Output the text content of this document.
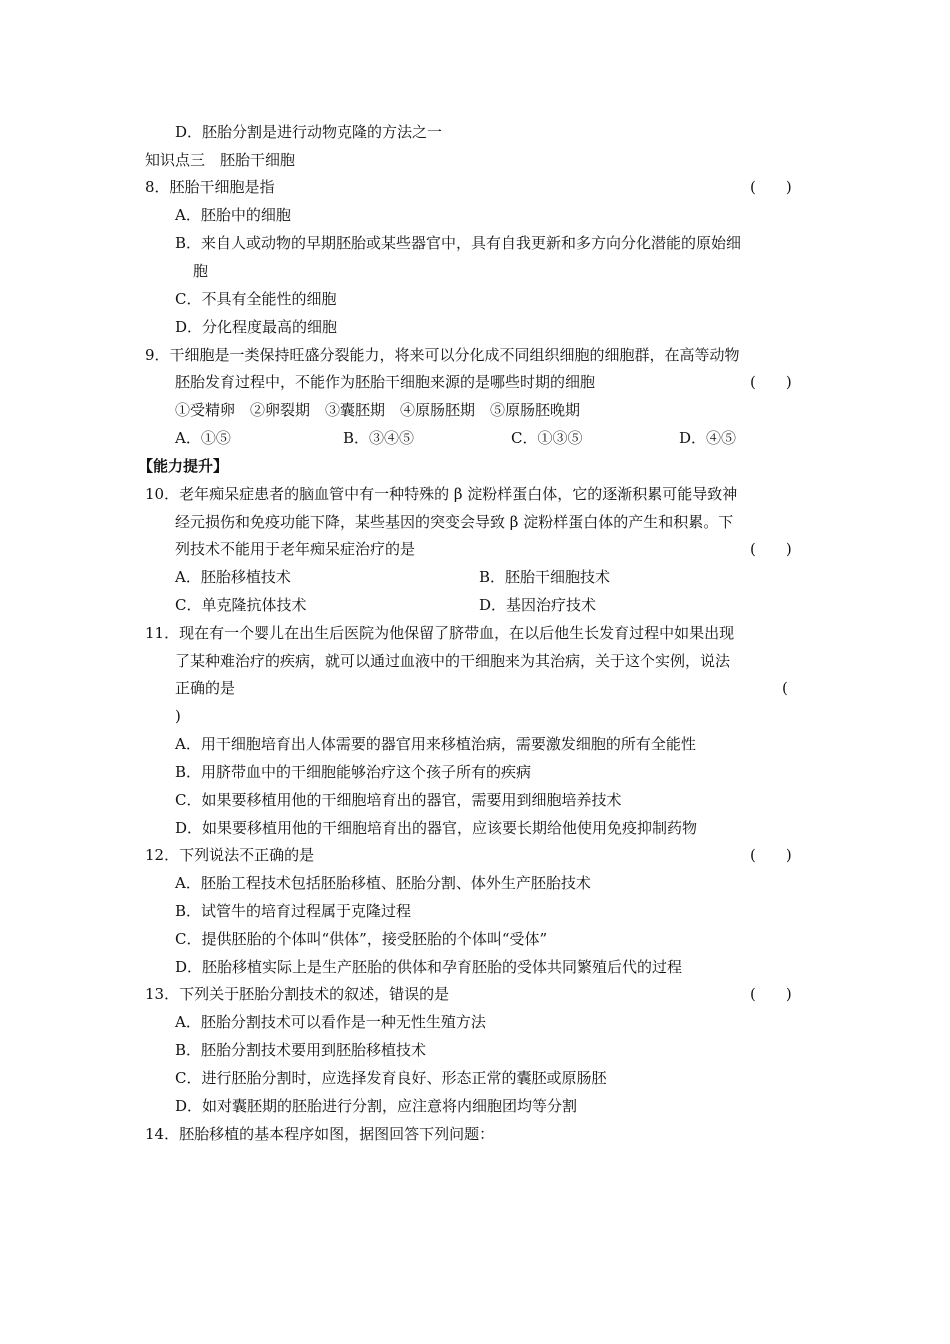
D．胚胎分割是进行动物克隆的方法之一
知识点三　胚胎干细胞
8．胚胎干细胞是指	(　　)
A．胚胎中的细胞
B．来自人或动物的早期胚胎或某些器官中，具有自我更新和多方向分化潜能的原始细
胞
C．不具有全能性的细胞
D．分化程度最高的细胞
9．干细胞是一类保持旺盛分裂能力，将来可以分化成不同组织细胞的细胞群，在高等动物
胚胎发育过程中，不能作为胚胎干细胞来源的是哪些时期的细胞	(　　)
①受精卵　②卵裂期　③囊胚期　④原肠胚期　⑤原肠胚晚期
A．①⑤	B．③④⑤	C．①③⑤	D．④⑤
【能力提升】
10．老年痴呆症患者的脑血管中有一种特殊的 β 淀粉样蛋白体，它的逐渐积累可能导致神
经元损伤和免疫功能下降，某些基因的突变会导致 β 淀粉样蛋白体的产生和积累。下
列技术不能用于老年痴呆症治疗的是	(　　)
A．胚胎移植技术	B．胚胎干细胞技术
C．单克隆抗体技术	D．基因治疗技术
11．现在有一个婴儿在出生后医院为他保留了脐带血，在以后他生长发育过程中如果出现
了某种难治疗的疾病，就可以通过血液中的干细胞来为其治病，关于这个实例，说法
正确的是	(
)
A．用干细胞培育出人体需要的器官用来移植治病，需要激发细胞的所有全能性
B．用脐带血中的干细胞能够治疗这个孩子所有的疾病
C．如果要移植用他的干细胞培育出的器官，需要用到细胞培养技术
D．如果要移植用他的干细胞培育出的器官，应该要长期给他使用免疫抑制药物
12．下列说法不正确的是	(　　)
A．胚胎工程技术包括胚胎移植、胚胎分割、体外生产胚胎技术
B．试管牛的培育过程属于克隆过程
C．提供胚胎的个体叫“供体”，接受胚胎的个体叫“受体”
D．胚胎移植实际上是生产胚胎的供体和孕育胚胎的受体共同繁殖后代的过程
13．下列关于胚胎分割技术的叙述，错误的是	(　　)
A．胚胎分割技术可以看作是一种无性生殖方法
B．胚胎分割技术要用到胚胎移植技术
C．进行胚胎分割时，应选择发育良好、形态正常的囊胚或原肠胚
D．如对囊胚期的胚胎进行分割，应注意将内细胞团均等分割
14．胚胎移植的基本程序如图，据图回答下列问题：
